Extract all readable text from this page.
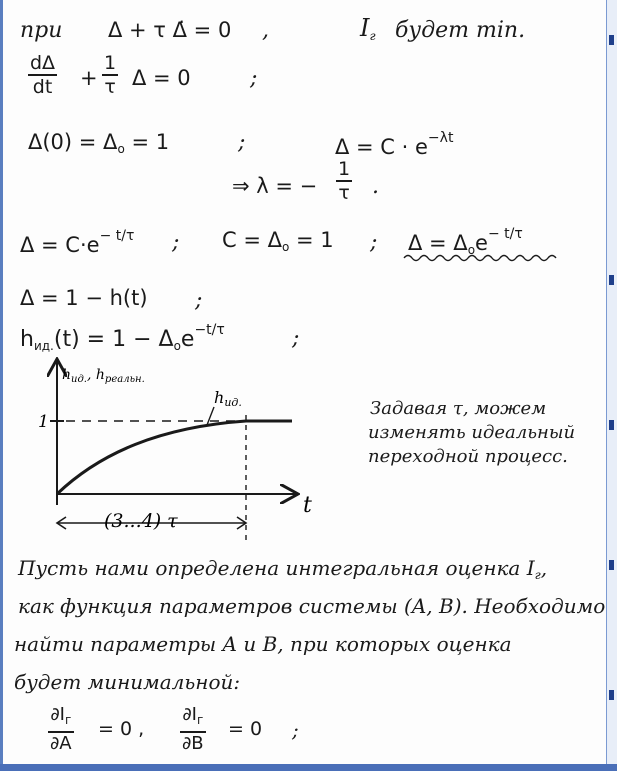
при Δ + τ Δ̇ = 0 ,	$I_г$ будет min.
dΔ
dt +
1
τ Δ = 0	;
$\Delta(0) = \Delta_о = 1$	;	$\Delta = C \cdot e^{-\lambda t}$
⇒ λ = −
1
τ .
$\Delta = C\cdot e^{- t/\tau}$ ; $C = \Delta_о = 1$ ; $\Delta = \Delta_оe^{- t/\tau}$
Δ = 1 − h(t) ;
$h_{ид.}(t) = 1 - \Delta_оe^{-t/\tau}$	;
$h_{ид.}$, $h_{реальн.}$
1
hид.
t
(3...4) τ
Задавая τ, можем
изменять идеальный
переходной процесс.
Пусть нами определена интегральная оценка $I_г$,
как функция параметров системы (A, B). Необходимо
найти параметры A и B, при которых оценка
будет минимальной:
$\partial I_г$
∂A
= 0 ,
$\partial I_г$
∂B
= 0 ;
